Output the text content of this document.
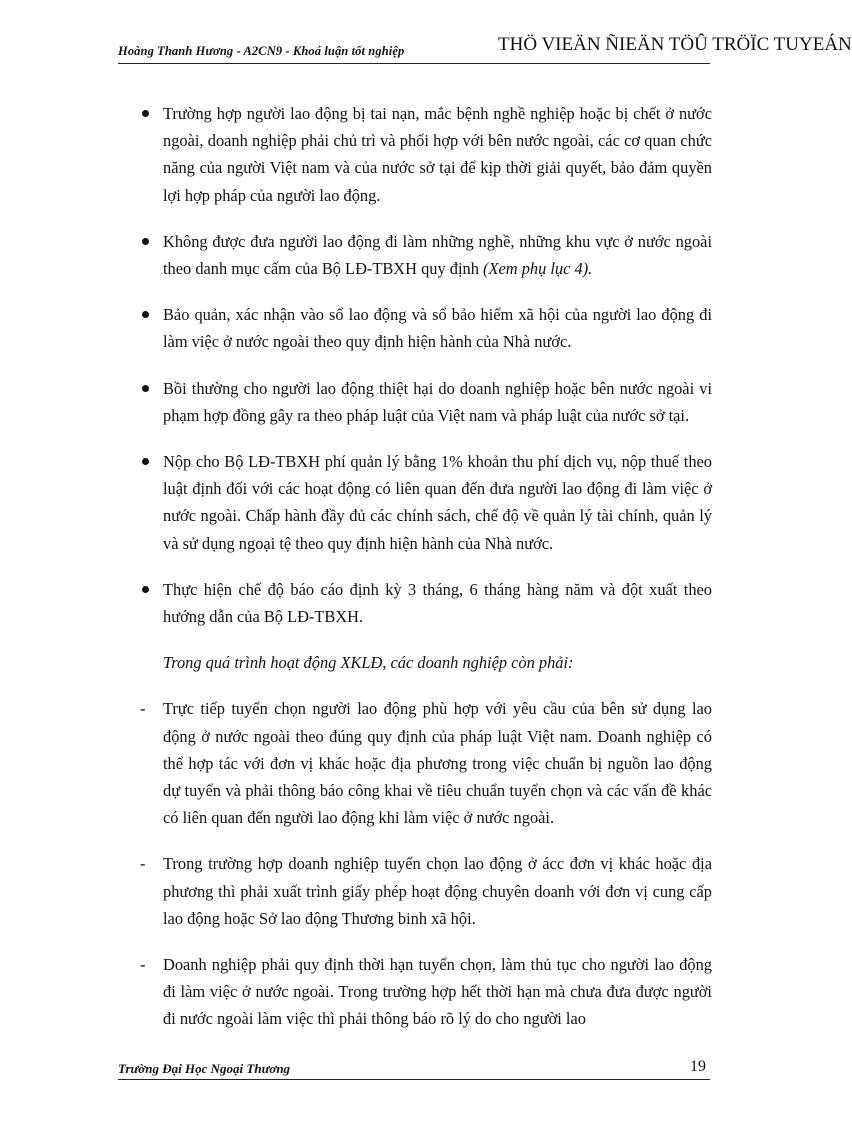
Hoàng Thanh Hương - A2CN9 - Khoá luận tốt nghiệp	THÖ VIEÄN ÑIEÄN TÖÛ TRÖÏC TUYEÁN
Trường hợp người lao động bị tai nạn, mắc bệnh nghề nghiệp hoặc bị chết ở nước ngoài, doanh nghiệp phải chủ trì và phối hợp với bên nước ngoài, các cơ quan chức năng của người Việt nam và của nước sở tại để kịp thời giải quyết, bảo đảm quyền lợi hợp pháp của người lao động.
Không được đưa người lao động đi làm những nghề, những khu vực ở nước ngoài theo danh mục cấm của Bộ LĐ-TBXH quy định (Xem phụ lục 4).
Bảo quản, xác nhận vào sổ lao động và sổ bảo hiểm xã hội của người lao động đi làm việc ở nước ngoài theo quy định hiện hành của Nhà nước.
Bồi thường cho người lao động thiệt hại do doanh nghiệp hoặc bên nước ngoài vi phạm hợp đồng gây ra theo pháp luật của Việt nam và pháp luật của nước sở tại.
Nộp cho Bộ LĐ-TBXH phí quản lý bằng 1% khoản thu phí dịch vụ, nộp thuế theo luật định đối với các hoạt động có liên quan đến đưa người lao động đi làm việc ở nước ngoài. Chấp hành đầy đủ các chính sách, chế độ về quản lý tài chính, quản lý và sử dụng ngoại tệ theo quy định hiện hành của Nhà nước.
Thực hiện chế độ báo cáo định kỳ 3 tháng, 6 tháng hàng năm và đột xuất theo hướng dẫn của Bộ LĐ-TBXH.
Trong quá trình hoạt động XKLĐ, các doanh nghiệp còn phải:
- Trực tiếp tuyển chọn người lao động phù hợp với yêu cầu của bên sử dụng lao động ở nước ngoài theo đúng quy định của pháp luật Việt nam. Doanh nghiệp có thể hợp tác với đơn vị khác hoặc địa phương trong việc chuẩn bị nguồn lao động dự tuyển và phải thông báo công khai về tiêu chuẩn tuyển chọn và các vấn đề khác có liên quan đến người lao động khi làm việc ở nước ngoài.
- Trong trường hợp doanh nghiệp tuyển chọn lao động ở ácc đơn vị khác hoặc địa phương thì phải xuất trình giấy phép hoạt động chuyên doanh với đơn vị cung cấp lao động hoặc Sở lao động Thương binh xã hội.
- Doanh nghiệp phải quy định thời hạn tuyển chọn, làm thủ tục cho người lao động đi làm việc ở nước ngoài. Trong trường hợp hết thời hạn mà chưa đưa được người đi nước ngoài làm việc thì phải thông báo rõ lý do cho người lao
Trường Đại Học Ngoại Thương	19
